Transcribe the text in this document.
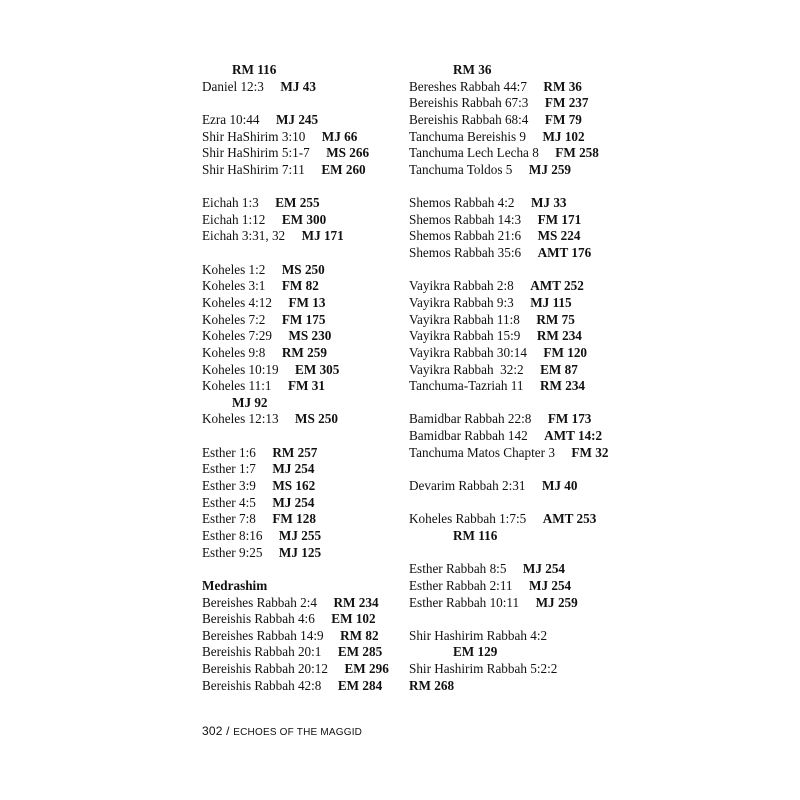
RM 116
Daniel 12:3 MJ 43
Ezra 10:44 MJ 245
Shir HaShirim 3:10 MJ 66
Shir HaShirim 5:1-7 MS 266
Shir HaShirim 7:11 EM 260
Eichah 1:3 EM 255
Eichah 1:12 EM 300
Eichah 3:31, 32 MJ 171
Koheles 1:2 MS 250
Koheles 3:1 FM 82
Koheles 4:12 FM 13
Koheles 7:2 FM 175
Koheles 7:29 MS 230
Koheles 9:8 RM 259
Koheles 10:19 EM 305
Koheles 11:1 FM 31
MJ 92
Koheles 12:13 MS 250
Esther 1:6 RM 257
Esther 1:7 MJ 254
Esther 3:9 MS 162
Esther 4:5 MJ 254
Esther 7:8 FM 128
Esther 8:16 MJ 255
Esther 9:25 MJ 125
Medrashim
Bereishes Rabbah 2:4 RM 234
Bereishis Rabbah 4:6 EM 102
Bereishes Rabbah 14:9 RM 82
Bereishis Rabbah 20:1 EM 285
Bereishis Rabbah 20:12 EM 296
Bereishis Rabbah 42:8 EM 284
RM 36
Bereshes Rabbah 44:7 RM 36
Bereishis Rabbah 67:3 FM 237
Bereishis Rabbah 68:4 FM 79
Tanchuma Bereishis 9 MJ 102
Tanchuma Lech Lecha 8 FM 258
Tanchuma Toldos 5 MJ 259
Shemos Rabbah 4:2 MJ 33
Shemos Rabbah 14:3 FM 171
Shemos Rabbah 21:6 MS 224
Shemos Rabbah 35:6 AMT 176
Vayikra Rabbah 2:8 AMT 252
Vayikra Rabbah 9:3 MJ 115
Vayikra Rabbah 11:8 RM 75
Vayikra Rabbah 15:9 RM 234
Vayikra Rabbah 30:14 FM 120
Vayikra Rabbah  32:2 EM 87
Tanchuma-Tazriah 11 RM 234
Bamidbar Rabbah 22:8 FM 173
Bamidbar Rabbah 142 AMT 14:2
Tanchuma Matos Chapter 3 FM 32
Devarim Rabbah 2:31 MJ 40
Koheles Rabbah 1:7:5 AMT 253
RM 116
Esther Rabbah 8:5 MJ 254
Esther Rabbah 2:11 MJ 254
Esther Rabbah 10:11 MJ 259
Shir Hashirim Rabbah 4:2
EM 129
Shir Hashirim Rabbah 5:2:2
RM 268
302 / ECHOES OF THE MAGGID
